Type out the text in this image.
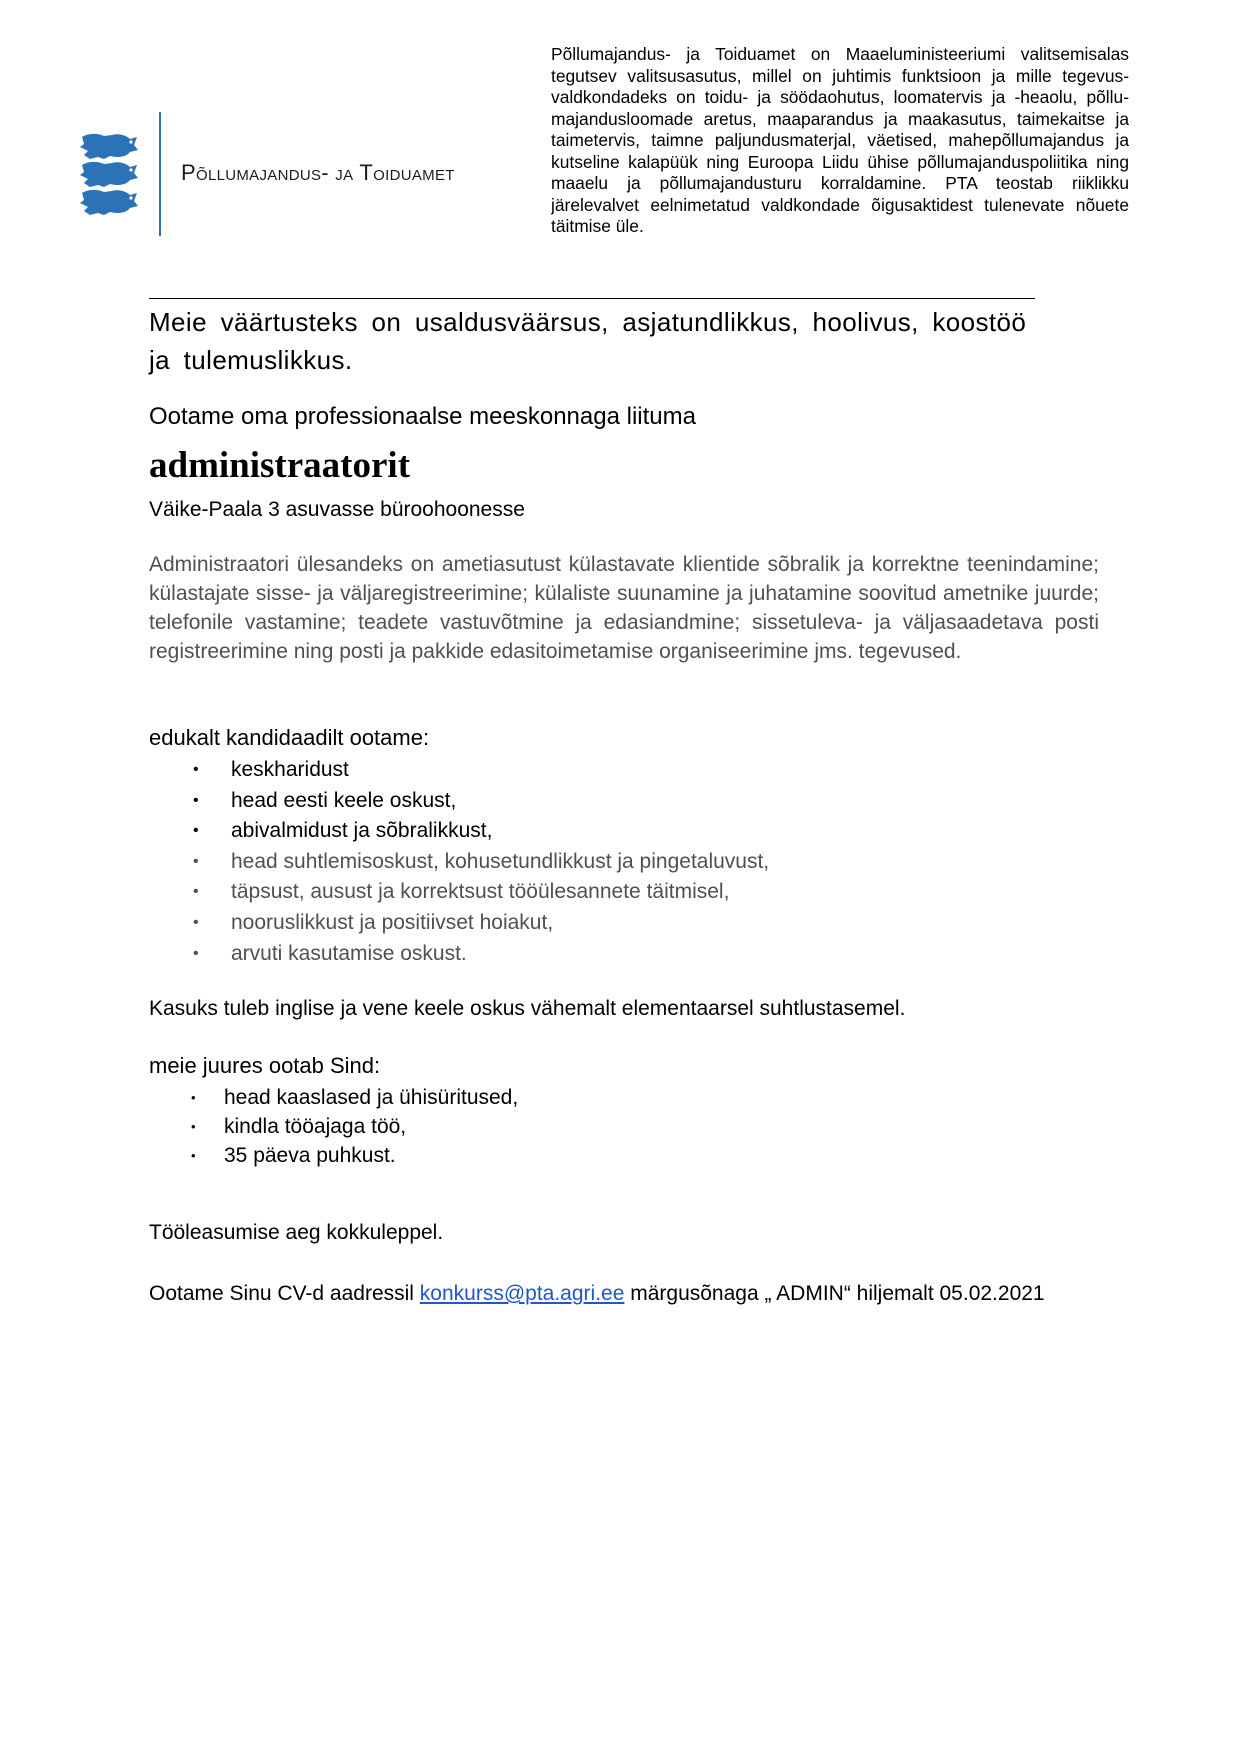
Põllumajandus- ja Toiduamet
Põllumajandus- ja Toiduamet on Maaeluministeeriumi valitsemisalas tegutsev valitsusasutus, millel on juhtimis funktsioon ja mille tegevus- valdkondadeks on toidu- ja söödaohutus, loomatervis ja -heaolu, põllu- majandusloomade aretus, maaparandus ja maakasutus, taimekaitse ja taimetervis, taimne paljundusmaterjal, väetised, mahepõllumajandus ja kutseline kalapüük ning Euroopa Liidu ühise põllumajanduspoliitika ning maaelu ja põllumajandusturu korraldamine. PTA teostab riiklikku järelevalvet eelnimetatud valdkondade õigusaktidest tulenevate nõuete täitmise üle.
Meie väärtusteks on usaldusväärsus, asjatundlikkus, hoolivus, koostöö ja tulemuslikkus.
Ootame oma professionaalse meeskonnaga liituma
administraatorit
Väike-Paala 3 asuvasse büroohoonesse
Administraatori ülesandeks on ametiasutust külastavate klientide sõbralik ja korrektne teenindamine; külastajate sisse- ja väljaregistreerimine; külaliste suunamine ja juhatamine soovitud ametnike juurde; telefonile vastamine; teadete vastuvõtmine ja edasiandmine; sissetuleva- ja väljasaadetava posti registreerimine ning posti ja pakkide edasitoimetamise organiseerimine jms. tegevused.
edukalt kandidaadilt ootame:
• keskharidust
• head eesti keele oskust,
• abivalmidust ja sõbralikkust,
• head suhtlemisoskust, kohusetundlikkust ja pingetaluvust,
• täpsust, ausust ja korrektsust tööülesannete täitmisel,
• nooruslikkust ja positiivset hoiakut,
• arvuti kasutamise oskust.
Kasuks tuleb inglise ja vene keele oskus vähemalt elementaarsel suhtlustasemel.
meie juures ootab Sind:
• head kaaslased ja ühisüritused,
• kindla tööajaga töö,
• 35 päeva puhkust.
Tööleasumise aeg kokkuleppel.
Ootame Sinu CV-d aadressil konkurss@pta.agri.ee märgusõnaga „ ADMIN“ hiljemalt 05.02.2021
